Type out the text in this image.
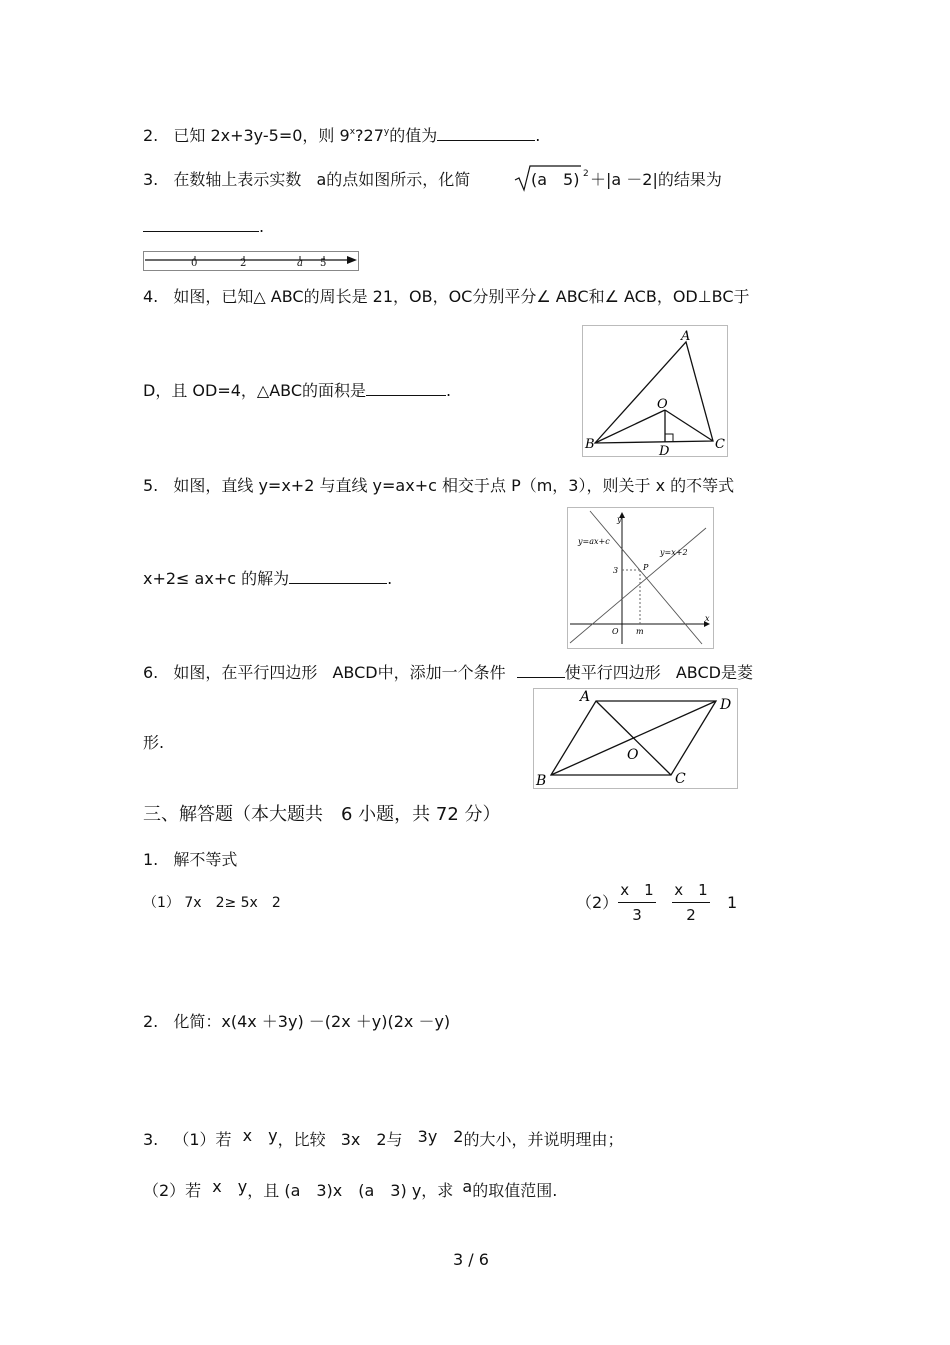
2. 已知 2x+3y-5=0，则 9$^x$?27$^y$的值为	.
3. 在数轴上表示实数 a的点如图所示，化简	(a　5) 2 ＋|a －2|的结果为
.
0	2	a 5
4. 如图，已知△ ABC的周长是 21，OB，OC分别平分∠ ABC和∠ ACB，OD⊥BC于
D，且 OD=4，△ABC的面积是	.
A
B	C
O
D
5. 如图，直线 y=x+2 与直线 y=ax+c 相交于点 P（m，3），则关于 x 的不等式
x+2≤ ax+c 的解为	.
y
x
O m
3	P
y=ax+c
y=x+2
6. 如图，在平行四边形 ABCD中，添加一个条件	使平行四边形 ABCD是菱
形.
A	D
B	C
O
三、解答题（本大题共　6 小题，共 72 分）
1. 解不等式
（1） 7x　2≥ 5x　2	（2）
x　1
3
x　1
2
1
2. 化简：x(4x ＋3y) －(2x ＋y)(2x －y)
3. （1）若 x　y，比较 3x　2与 3y　2的大小，并说明理由；
（2）若 x　y，且 (a　3)x　(a　3) y，求 a的取值范围.
3 / 6
